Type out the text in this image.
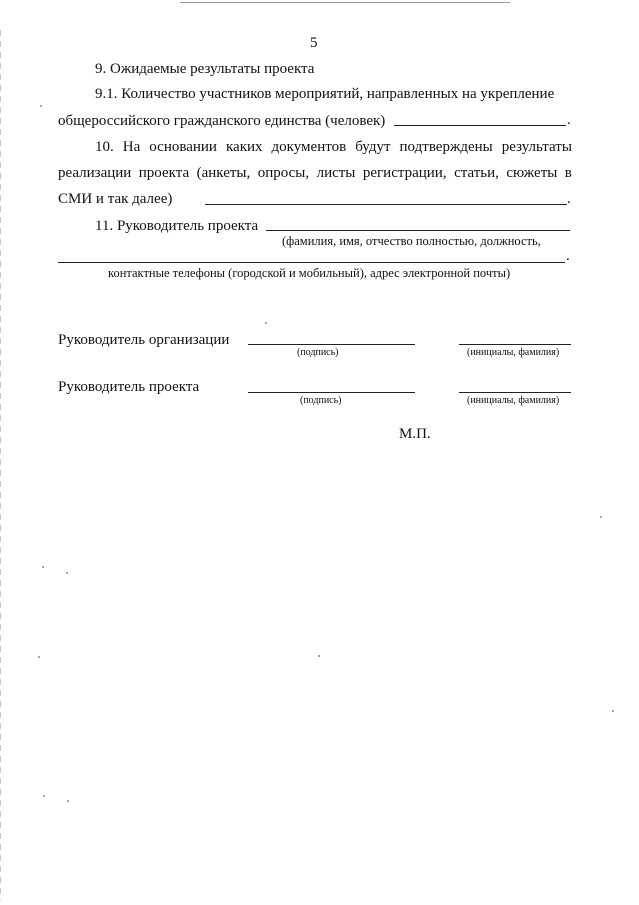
5
9. Ожидаемые результаты проекта
9.1. Количество участников мероприятий, направленных на укрепление
общероссийского гражданского единства (человек)	.
10. На основании каких документов будут подтверждены результаты
реализации проекта (анкеты, опросы, листы регистрации, статьи, сюжеты в
СМИ и так далее)	.
11. Руководитель проекта
(фамилия, имя, отчество полностью, должность,
.
контактные телефоны (городской и мобильный), адрес электронной почты)
Руководитель организации
(подпись)	(инициалы, фамилия)
Руководитель проекта
(подпись)	(инициалы, фамилия)
М.П.
